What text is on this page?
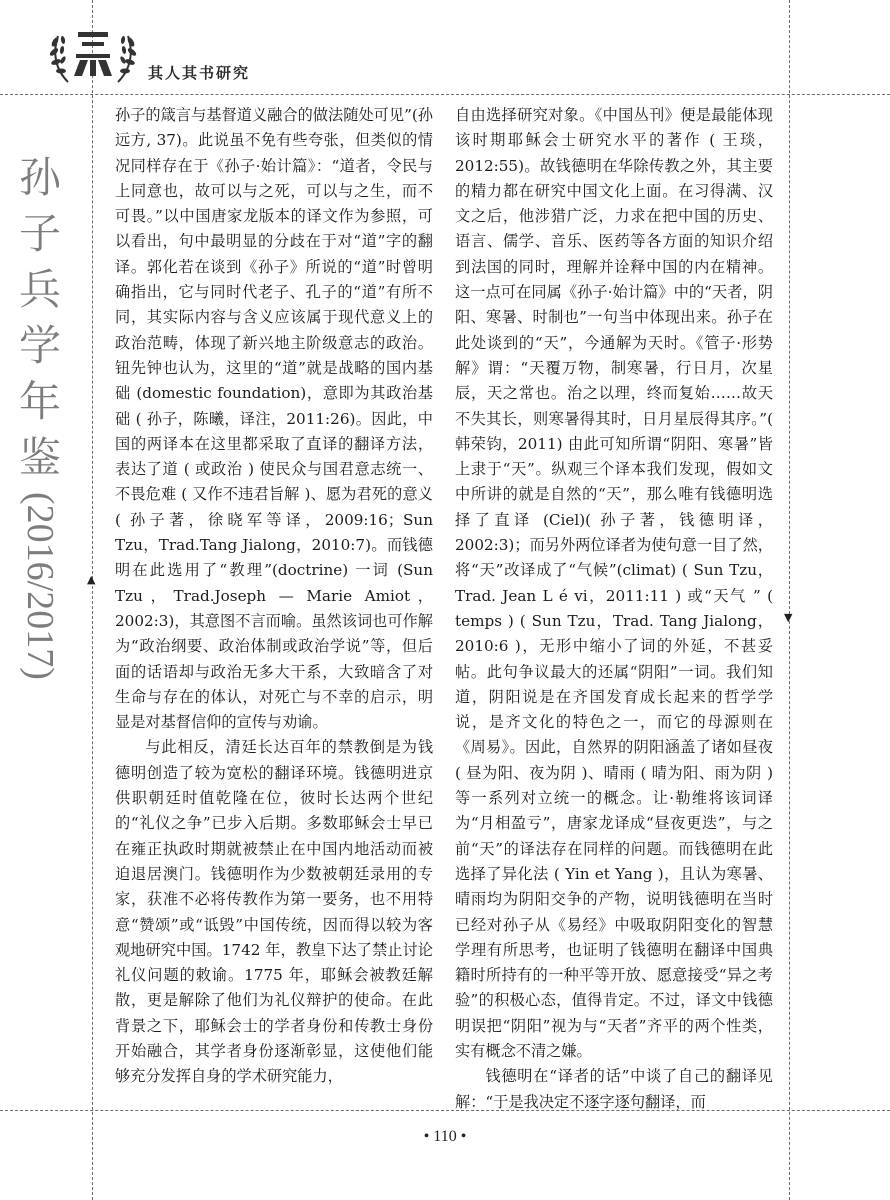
其人其书研究
孙
子
兵
学
年
鉴
(2016/2017)	▲
▼

孙子的箴言与基督道义融合的做法随处可见”(孙远方, 37)。此说虽不免有些夸张，但类似的情况同样存在于《孙子·始计篇》：“道者，令民与上同意也，故可以与之死，可以与之生，而不可畏。”以中国唐家龙版本的译文作为参照，可以看出，句中最明显的分歧在于对“道”字的翻译。郭化若在谈到《孙子》所说的“道”时曾明确指出，它与同时代老子、孔子的“道”有所不同，其实际内容与含义应该属于现代意义上的政治范畴，体现了新兴地主阶级意志的政治。钮先钟也认为，这里的“道”就是战略的国内基础 (domestic foundation)，意即为其政治基础 ( 孙子，陈曦，译注，2011:26)。因此，中国的两译本在这里都采取了直译的翻译方法，表达了道 ( 或政治 ) 使民众与国君意志统一、不畏危难 ( 又作不违君旨解 )、愿为君死的意义 ( 孙子著，徐晓军等译，2009:16；Sun Tzu，Trad.Tang Jialong，2010:7)。而钱德明在此选用了“教理”(doctrine) 一词 (Sun Tzu，Trad.Joseph — Marie Amiot，2002:3)，其意图不言而喻。虽然该词也可作解为“政治纲要、政治体制或政治学说”等，但后面的话语却与政治无多大干系，大致暗含了对生命与存在的体认，对死亡与不幸的启示，明显是对基督信仰的宣传与劝谕。

与此相反，清廷长达百年的禁教倒是为钱德明创造了较为宽松的翻译环境。钱德明进京供职朝廷时值乾隆在位，彼时长达两个世纪的“礼仪之争”已步入后期。多数耶稣会士早已在雍正执政时期就被禁止在中国内地活动而被迫退居澳门。钱德明作为少数被朝廷录用的专家，获准不必将传教作为第一要务，也不用特意“赞颂”或“诋毁”中国传统，因而得以较为客观地研究中国。1742 年，教皇下达了禁止讨论礼仪问题的敕谕。1775 年，耶稣会被教廷解散，更是解除了他们为礼仪辩护的使命。在此背景之下，耶稣会士的学者身份和传教士身份开始融合，其学者身份逐渐彰显，这使他们能够充分发挥自身的学术研究能力，

自由选择研究对象。《中国丛刊》便是最能体现该时期耶稣会士研究水平的著作 ( 王琰，2012:55)。故钱德明在华除传教之外，其主要的精力都在研究中国文化上面。在习得满、汉文之后，他涉猎广泛，力求在把中国的历史、语言、儒学、音乐、医药等各方面的知识介绍到法国的同时，理解并诠释中国的内在精神。这一点可在同属《孙子·始计篇》中的“天者，阴阳、寒暑、时制也”一句当中体现出来。孙子在此处谈到的“天”，今通解为天时。《管子·形势解》谓：“天覆万物，制寒暑，行日月，次星辰，天之常也。治之以理，终而复始……故天不失其长，则寒暑得其时，日月星辰得其序。”( 韩荣钧，2011) 由此可知所谓“阴阳、寒暑”皆上隶于“天”。纵观三个译本我们发现，假如文中所讲的就是自然的“天”，那么唯有钱德明选择了直译 (Ciel)( 孙子著，钱德明译，2002:3)；而另外两位译者为使句意一目了然，将“天”改译成了“气候”(climat) ( Sun Tzu，Trad. Jean L é vi，2011:11 ) 或“天气 ” ( temps ) ( Sun Tzu，Trad. Tang Jialong，2010:6 )，无形中缩小了词的外延，不甚妥帖。此句争议最大的还属“阴阳”一词。我们知道，阴阳说是在齐国发育成长起来的哲学学说，是齐文化的特色之一，而它的母源则在《周易》。因此，自然界的阴阳涵盖了诸如昼夜 ( 昼为阳、夜为阴 )、晴雨 ( 晴为阳、雨为阴 ) 等一系列对立统一的概念。让·勒维将该词译为“月相盈亏”，唐家龙译成“昼夜更迭”，与之前“天”的译法存在同样的问题。而钱德明在此选择了异化法 ( Yin et Yang )，且认为寒暑、晴雨均为阴阳交争的产物，说明钱德明在当时已经对孙子从《易经》中吸取阴阳变化的智慧学理有所思考，也证明了钱德明在翻译中国典籍时所持有的一种平等开放、愿意接受“异之考验”的积极心态，值得肯定。不过，译文中钱德明误把“阴阳”视为与“天者”齐平的两个性类，实有概念不清之嫌。

钱德明在“译者的话”中谈了自己的翻译见解：“于是我决定不逐字逐句翻译，而

• 110 •
